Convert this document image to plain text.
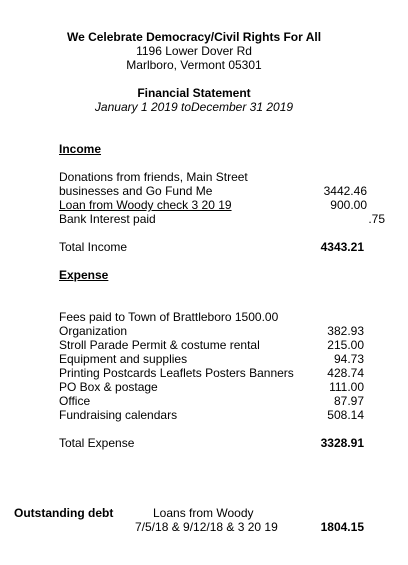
We Celebrate Democracy/Civil Rights For All
1196 Lower Dover Rd
Marlboro, Vermont 05301
Financial Statement
January 1 2019 toDecember 31 2019
Income
Donations from friends, Main Street
businesses and Go Fund Me	3442.46
Loan from Woody check 3 20 19	900.00
Bank Interest paid	.75
Total Income	4343.21
Expense
Fees paid to Town of Brattleboro 1500.00
Organization	382.93
Stroll Parade Permit & costume rental	215.00
Equipment and supplies	94.73
Printing Postcards Leaflets Posters Banners	428.74
PO Box & postage	111.00
Office	87.97
Fundraising calendars	508.14
Total Expense	3328.91
Outstanding debt	Loans from Woody
7/5/18 & 9/12/18 & 3 20 19	1804.15
